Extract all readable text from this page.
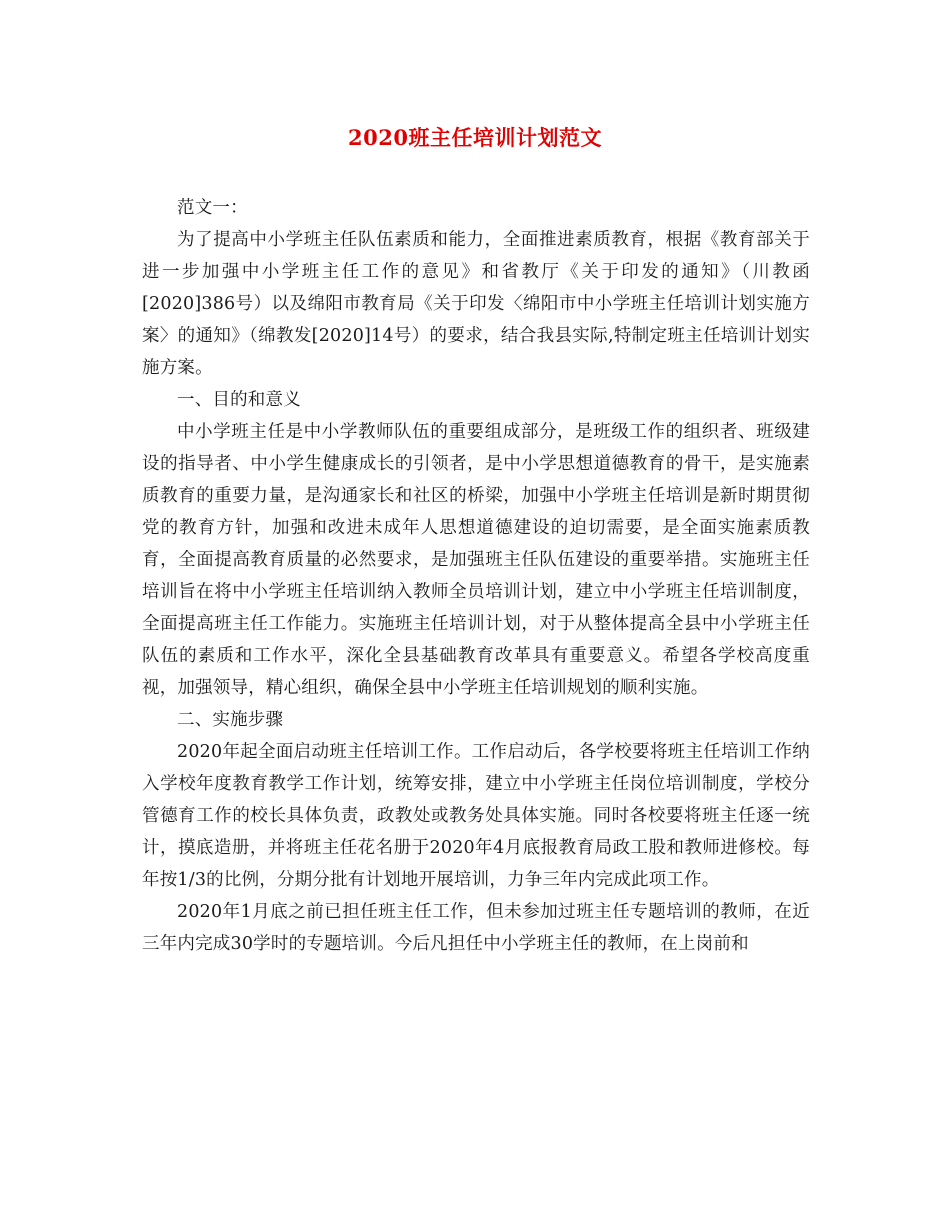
2020班主任培训计划范文

范文一：

为了提高中小学班主任队伍素质和能力，全面推进素质教育，根据《教育部关于进一步加强中小学班主任工作的意见》和省教厅《关于印发的通知》（川教函[2020]386号）以及绵阳市教育局《关于印发〈绵阳市中小学班主任培训计划实施方案〉的通知》（绵教发[2020]14号）的要求，结合我县实际,特制定班主任培训计划实施方案。

一、目的和意义

中小学班主任是中小学教师队伍的重要组成部分，是班级工作的组织者、班级建设的指导者、中小学生健康成长的引领者，是中小学思想道德教育的骨干，是实施素质教育的重要力量，是沟通家长和社区的桥梁，加强中小学班主任培训是新时期贯彻党的教育方针，加强和改进未成年人思想道德建设的迫切需要，是全面实施素质教育，全面提高教育质量的必然要求，是加强班主任队伍建设的重要举措。实施班主任培训旨在将中小学班主任培训纳入教师全员培训计划，建立中小学班主任培训制度，全面提高班主任工作能力。实施班主任培训计划，对于从整体提高全县中小学班主任队伍的素质和工作水平，深化全县基础教育改革具有重要意义。希望各学校高度重视，加强领导，精心组织，确保全县中小学班主任培训规划的顺利实施。

二、实施步骤

2020年起全面启动班主任培训工作。工作启动后，各学校要将班主任培训工作纳入学校年度教育教学工作计划，统筹安排，建立中小学班主任岗位培训制度，学校分管德育工作的校长具体负责，政教处或教务处具体实施。同时各校要将班主任逐一统计，摸底造册，并将班主任花名册于2020年4月底报教育局政工股和教师进修校。每年按1/3的比例，分期分批有计划地开展培训，力争三年内完成此项工作。

2020年1月底之前已担任班主任工作，但未参加过班主任专题培训的教师，在近三年内完成30学时的专题培训。今后凡担任中小学班主任的教师，在上岗前和
